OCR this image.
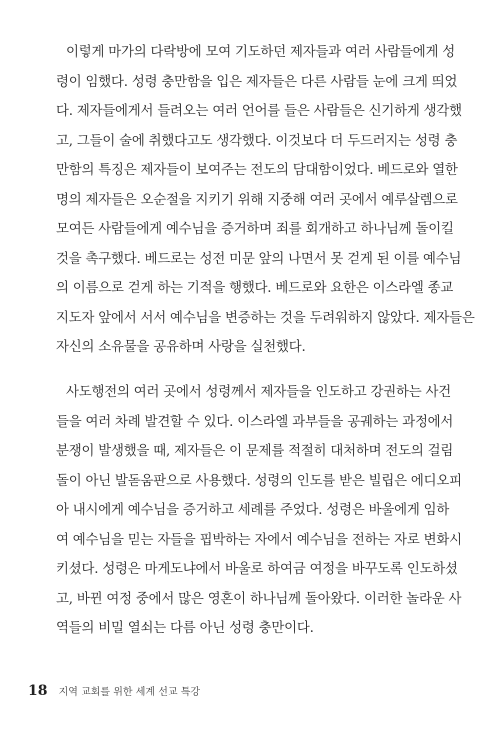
이렇게 마가의 다락방에 모여 기도하던 제자들과 여러 사람들에게 성
령이 임했다. 성령 충만함을 입은 제자들은 다른 사람들 눈에 크게 띄었
다. 제자들에게서 들려오는 여러 언어를 들은 사람들은 신기하게 생각했
고, 그들이 술에 취했다고도 생각했다. 이것보다 더 두드러지는 성령 충
만함의 특징은 제자들이 보여주는 전도의 담대함이었다. 베드로와 열한
명의 제자들은 오순절을 지키기 위해 지중해 여러 곳에서 예루살렘으로
모여든 사람들에게 예수님을 증거하며 죄를 회개하고 하나님께 돌이킬
것을 촉구했다. 베드로는 성전 미문 앞의 나면서 못 걷게 된 이를 예수님
의 이름으로 걷게 하는 기적을 행했다. 베드로와 요한은 이스라엘 종교
지도자 앞에서 서서 예수님을 변증하는 것을 두려워하지 않았다. 제자들은
자신의 소유물을 공유하며 사랑을 실천했다.
사도행전의 여러 곳에서 성령께서 제자들을 인도하고 강권하는 사건
들을 여러 차례 발견할 수 있다. 이스라엘 과부들을 공궤하는 과정에서
분쟁이 발생했을 때, 제자들은 이 문제를 적절히 대처하며 전도의 걸림
돌이 아닌 발돋움판으로 사용했다. 성령의 인도를 받은 빌립은 에디오피
아 내시에게 예수님을 증거하고 세례를 주었다. 성령은 바울에게 임하
여 예수님을 믿는 자들을 핍박하는 자에서 예수님을 전하는 자로 변화시
키셨다. 성령은 마게도냐에서 바울로 하여금 여정을 바꾸도록 인도하셨
고, 바뀐 여정 중에서 많은 영혼이 하나님께 돌아왔다. 이러한 놀라운 사
역들의 비밀 열쇠는 다름 아닌 성령 충만이다.
18 지역 교회를 위한 세계 선교 특강
